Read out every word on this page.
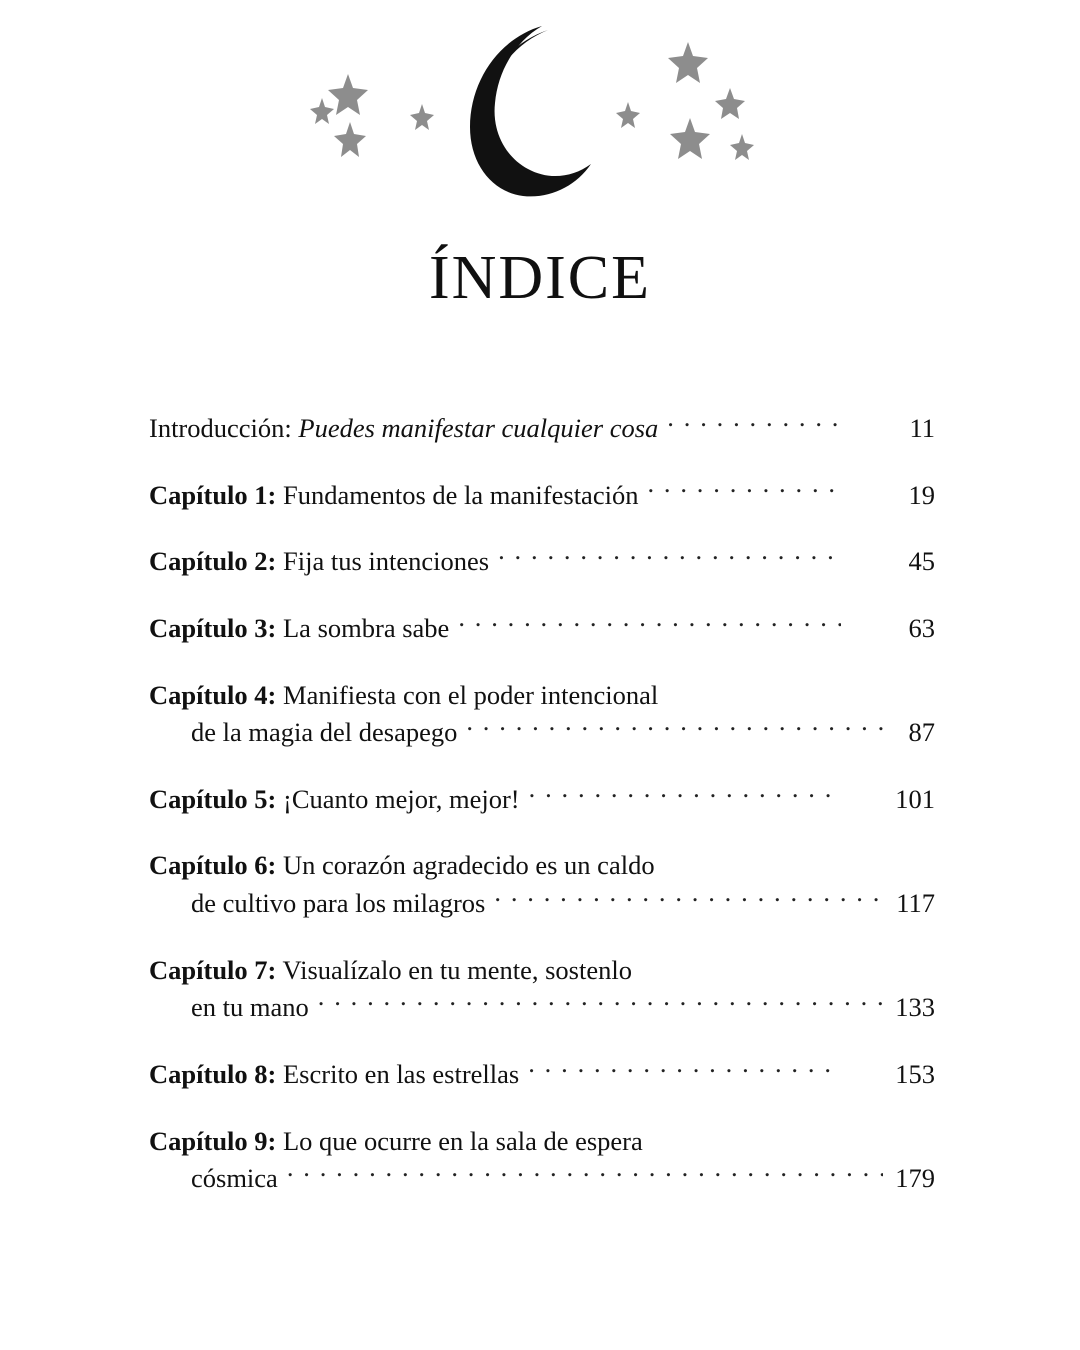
ÍNDICE
Introducción: Puedes manifestar cualquier cosa . . .	11
Capítulo 1: Fundamentos de la manifestación . . .	19
Capítulo 2: Fija tus intenciones . . .	45
Capítulo 3: La sombra sabe . . .	63
Capítulo 4: Manifiesta con el poder intencional
de la magia del desapego . . .	87
Capítulo 5: ¡Cuanto mejor, mejor! . . .	101
Capítulo 6: Un corazón agradecido es un caldo
de cultivo para los milagros . . .	117
Capítulo 7: Visualízalo en tu mente, sostenlo
en tu mano . . .	133
Capítulo 8: Escrito en las estrellas . . .	153
Capítulo 9: Lo que ocurre en la sala de espera
cósmica . . .	179
